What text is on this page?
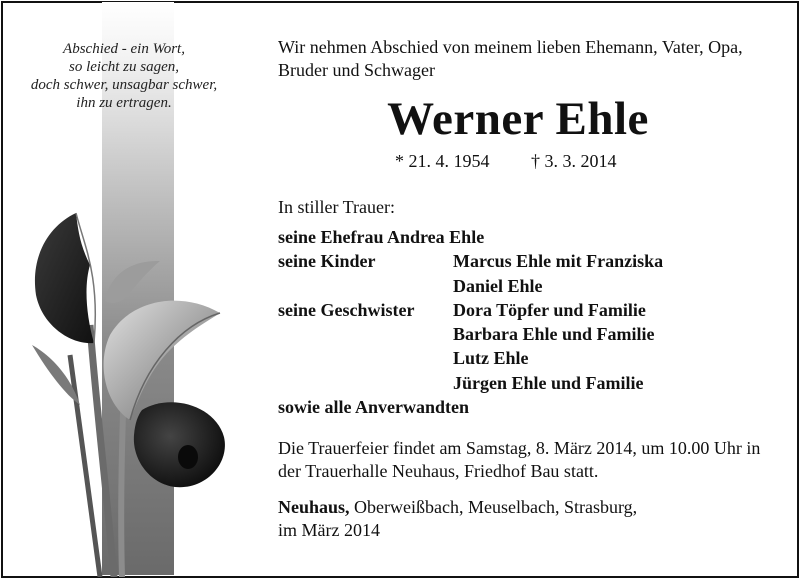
Abschied - ein Wort,
so leicht zu sagen,
doch schwer, unsagbar schwer,
ihn zu ertragen.
Wir nehmen Abschied von meinem lieben Ehemann, Vater, Opa, Bruder und Schwager
Werner Ehle
* 21. 4. 1954 † 3. 3. 2014
In stiller Trauer:
seine Ehefrau Andrea Ehle
seine Kinder	Marcus Ehle mit Franziska
Daniel Ehle
seine Geschwister	Dora Töpfer und Familie
Barbara Ehle und Familie
Lutz Ehle
Jürgen Ehle und Familie
sowie alle Anverwandten
Die Trauerfeier findet am Samstag, 8. März 2014, um 10.00 Uhr in der Trauerhalle Neuhaus, Friedhof Bau statt.
Neuhaus, Oberweißbach, Meuselbach, Strasburg,
im März 2014
